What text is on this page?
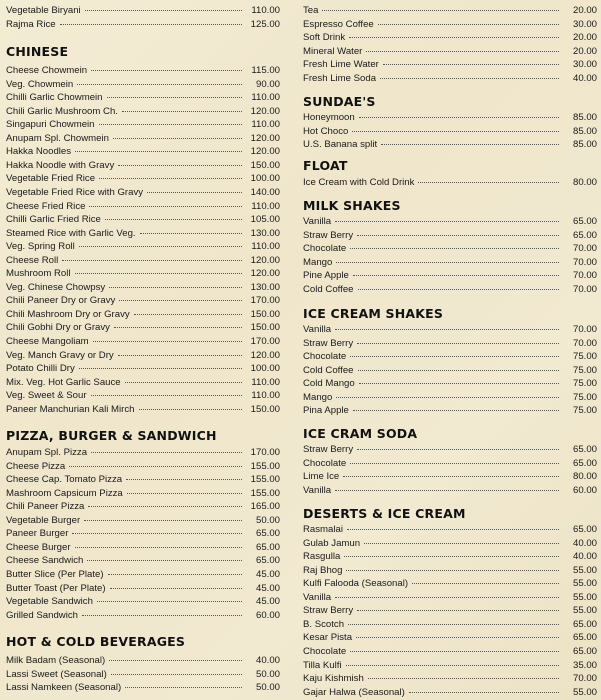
Vegetable Biryani	110.00
Rajma Rice	125.00
CHINESE
Cheese Chowmein	115.00
Veg. Chowmein	90.00
Chilli Garlic Chowmein	110.00
Chili Garlic Mushroom Ch.	120.00
Singapuri Chowmein	110.00
Anupam Spl. Chowmein	120.00
Hakka Noodles	120.00
Hakka Noodle with Gravy	150.00
Vegetable Fried Rice	100.00
Vegetable Fried Rice with Gravy	140.00
Cheese Fried Rice	110.00
Chilli Garlic Fried Rice	105.00
Steamed Rice with Garlic Veg.	130.00
Veg. Spring Roll	110.00
Cheese Roll	120.00
Mushroom Roll	120.00
Veg. Chinese Chowpsy	130.00
Chili Paneer Dry or Gravy	170.00
Chili Mashroom Dry or Gravy	150.00
Chili Gobhi Dry or Gravy	150.00
Cheese Mangoliam	170.00
Veg. Manch Gravy or Dry	120.00
Potato Chilli Dry	100.00
Mix. Veg. Hot Garlic Sauce	110.00
Veg. Sweet & Sour	110.00
Paneer Manchurian Kali Mirch	150.00
PIZZA, BURGER & SANDWICH
Anupam Spl. Pizza	170.00
Cheese Pizza	155.00
Cheese Cap. Tomato Pizza	155.00
Mashroom Capsicum Pizza	155.00
Chili Paneer Pizza	165.00
Vegetable Burger	50.00
Paneer Burger	65.00
Cheese Burger	65.00
Cheese Sandwich	65.00
Butter Slice (Per Plate)	45.00
Butter Toast (Per Plate)	45.00
Vegetable Sandwich	45.00
Grilled Sandwich	60.00
HOT & COLD BEVERAGES
Milk Badam (Seasonal)	40.00
Lassi Sweet (Seasonal)	50.00
Lassi Namkeen (Seasonal)	50.00
Tea	20.00
Espresso Coffee	30.00
Soft Drink	20.00
Mineral Water	20.00
Fresh Lime Water	30.00
Fresh Lime Soda	40.00
SUNDAE'S
Honeymoon	85.00
Hot Choco	85.00
U.S. Banana split	85.00
FLOAT
Ice Cream with Cold Drink	80.00
MILK SHAKES
Vanilla	65.00
Straw Berry	65.00
Chocolate	70.00
Mango	70.00
Pine Apple	70.00
Cold Coffee	70.00
ICE CREAM SHAKES
Vanilla	70.00
Straw Berry	70.00
Chocolate	75.00
Cold Coffee	75.00
Cold Mango	75.00
Mango	75.00
Pina Apple	75.00
ICE CRAM SODA
Straw Berry	65.00
Chocolate	65.00
Lime Ice	80.00
Vanilla	60.00
DESERTS & ICE CREAM
Rasmalai	65.00
Gulab Jamun	40.00
Rasgulla	40.00
Raj Bhog	55.00
Kulfi Falooda (Seasonal)	55.00
Vanilla	55.00
Straw Berry	55.00
B. Scotch	65.00
Kesar Pista	65.00
Chocolate	65.00
Tilla Kulfi	35.00
Kaju Kishmish	70.00
Gajar Halwa (Seasonal)	55.00
